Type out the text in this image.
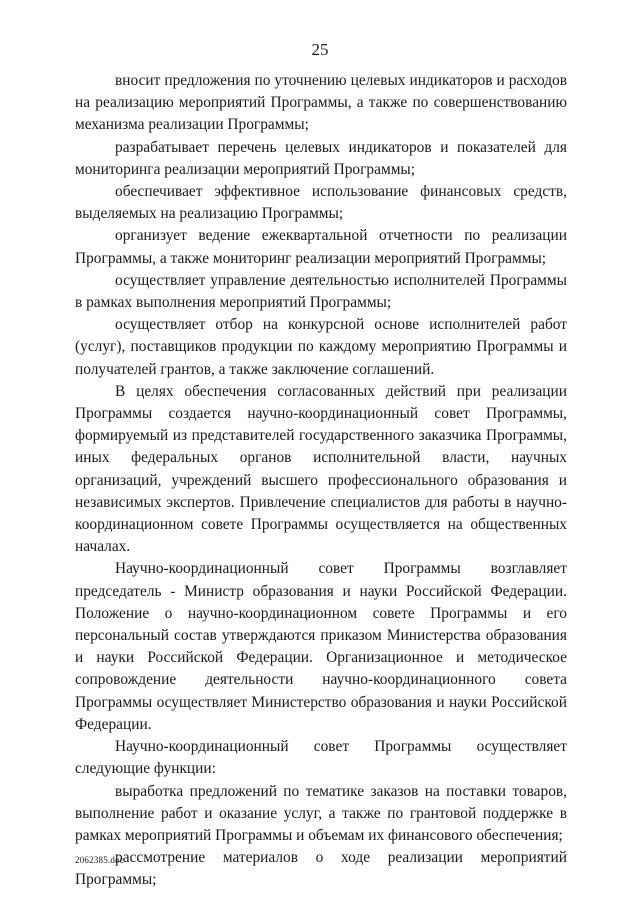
25

вносит предложения по уточнению целевых индикаторов и расходов на реализацию мероприятий Программы, а также по совершенствованию механизма реализации Программы;

разрабатывает перечень целевых индикаторов и показателей для мониторинга реализации мероприятий Программы;

обеспечивает эффективное использование финансовых средств, выделяемых на реализацию Программы;

организует ведение ежеквартальной отчетности по реализации Программы, а также мониторинг реализации мероприятий Программы;

осуществляет управление деятельностью исполнителей Программы в рамках выполнения мероприятий Программы;

осуществляет отбор на конкурсной основе исполнителей работ (услуг), поставщиков продукции по каждому мероприятию Программы и получателей грантов, а также заключение соглашений.

В целях обеспечения согласованных действий при реализации Программы создается научно-координационный совет Программы, формируемый из представителей государственного заказчика Программы, иных федеральных органов исполнительной власти, научных организаций, учреждений высшего профессионального образования и независимых экспертов. Привлечение специалистов для работы в научно-координационном совете Программы осуществляется на общественных началах.

Научно-координационный совет Программы возглавляет председатель - Министр образования и науки Российской Федерации. Положение о научно-координационном совете Программы и его персональный состав утверждаются приказом Министерства образования и науки Российской Федерации. Организационное и методическое сопровождение деятельности научно-координационного совета Программы осуществляет Министерство образования и науки Российской Федерации.

Научно-координационный совет Программы осуществляет следующие функции:

выработка предложений по тематике заказов на поставки товаров, выполнение работ и оказание услуг, а также по грантовой поддержке в рамках мероприятий Программы и объемам их финансового обеспечения;

рассмотрение материалов о ходе реализации мероприятий Программы;

2062385.doc
